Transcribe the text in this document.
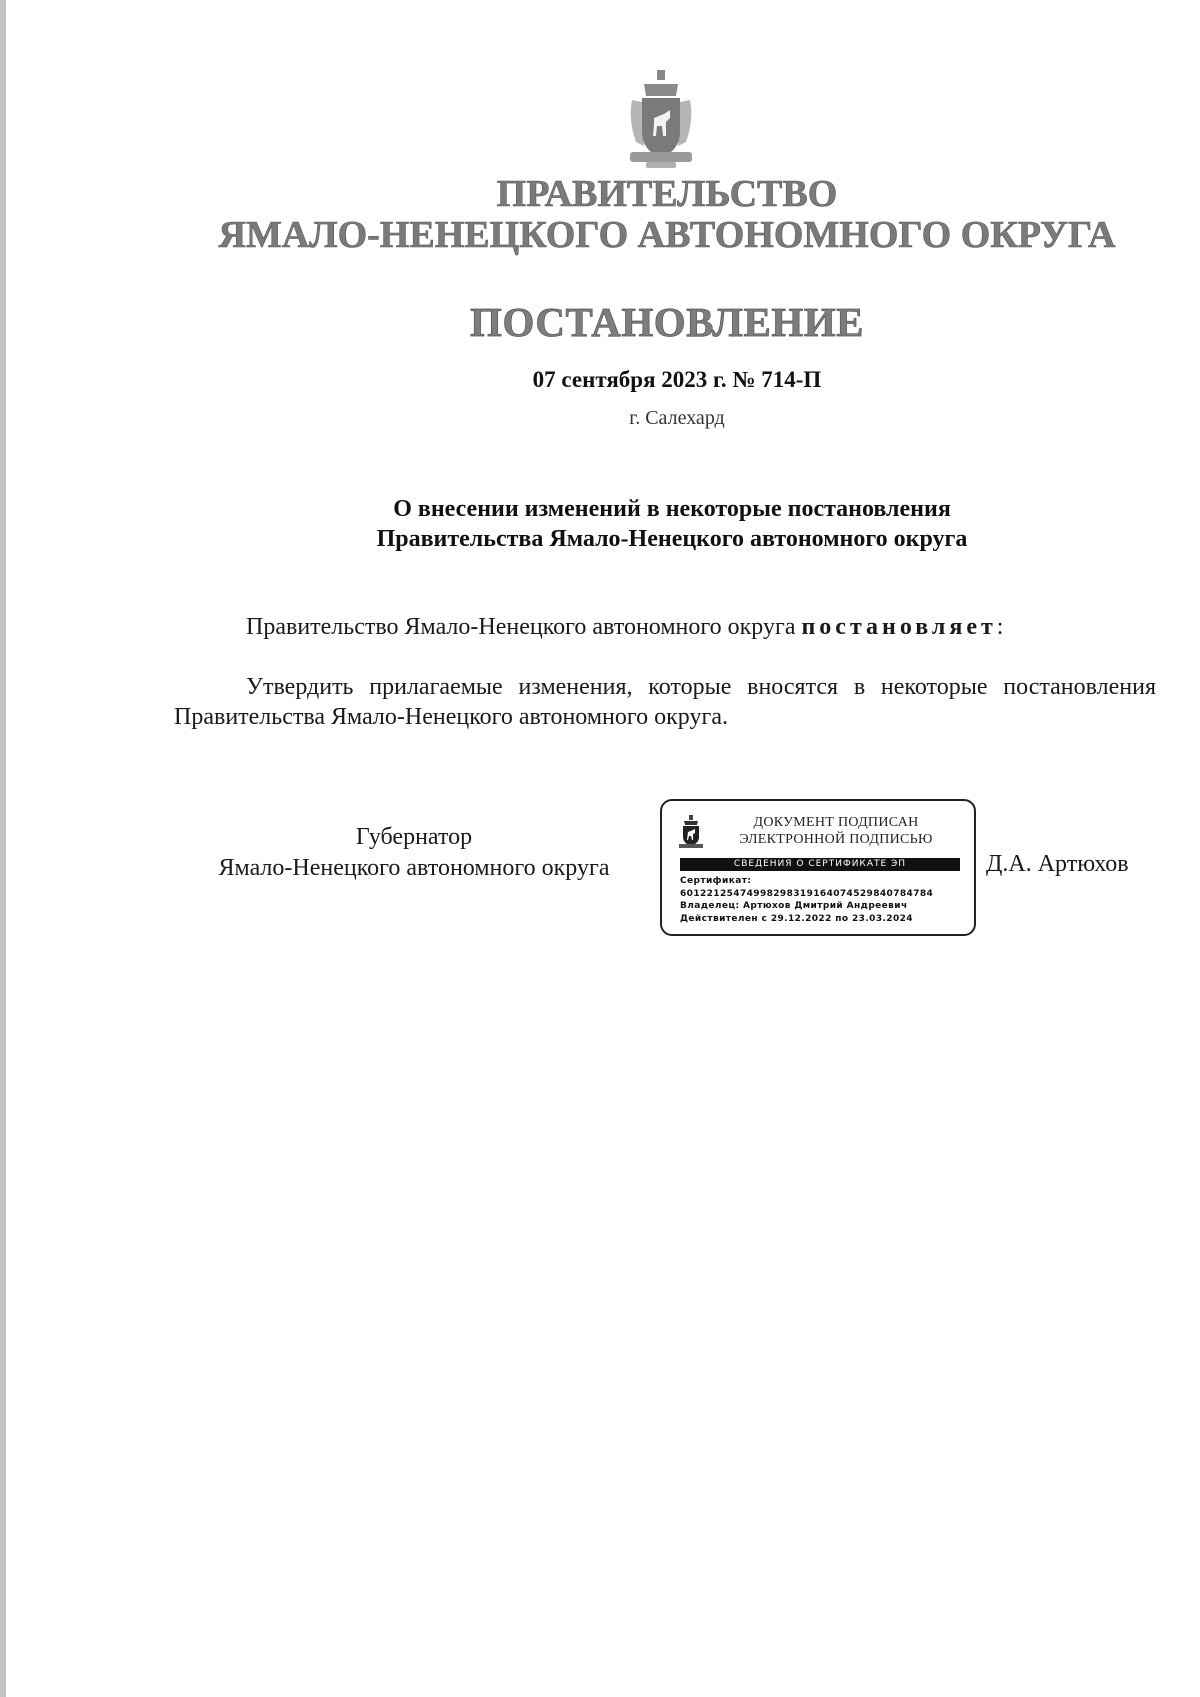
ПРАВИТЕЛЬСТВО
ЯМАЛО-НЕНЕЦКОГО АВТОНОМНОГО ОКРУГА
ПОСТАНОВЛЕНИЕ
07 сентября 2023 г. № 714-П
г. Салехард
О внесении изменений в некоторые постановления
Правительства Ямало-Ненецкого автономного округа
Правительство Ямало-Ненецкого автономного округа постановляет:
Утвердить прилагаемые изменения, которые вносятся в некоторые постановления Правительства Ямало-Ненецкого автономного округа.
Губернатор
Ямало-Ненецкого автономного округа
ДОКУМЕНТ ПОДПИСАН
ЭЛЕКТРОННОЙ ПОДПИСЬЮ
СВЕДЕНИЯ О СЕРТИФИКАТЕ ЭП
Сертификат:
60122125474998298319164074529840784784
Владелец: Артюхов Дмитрий Андреевич
Действителен с 29.12.2022 по 23.03.2024
Д.А. Артюхов
